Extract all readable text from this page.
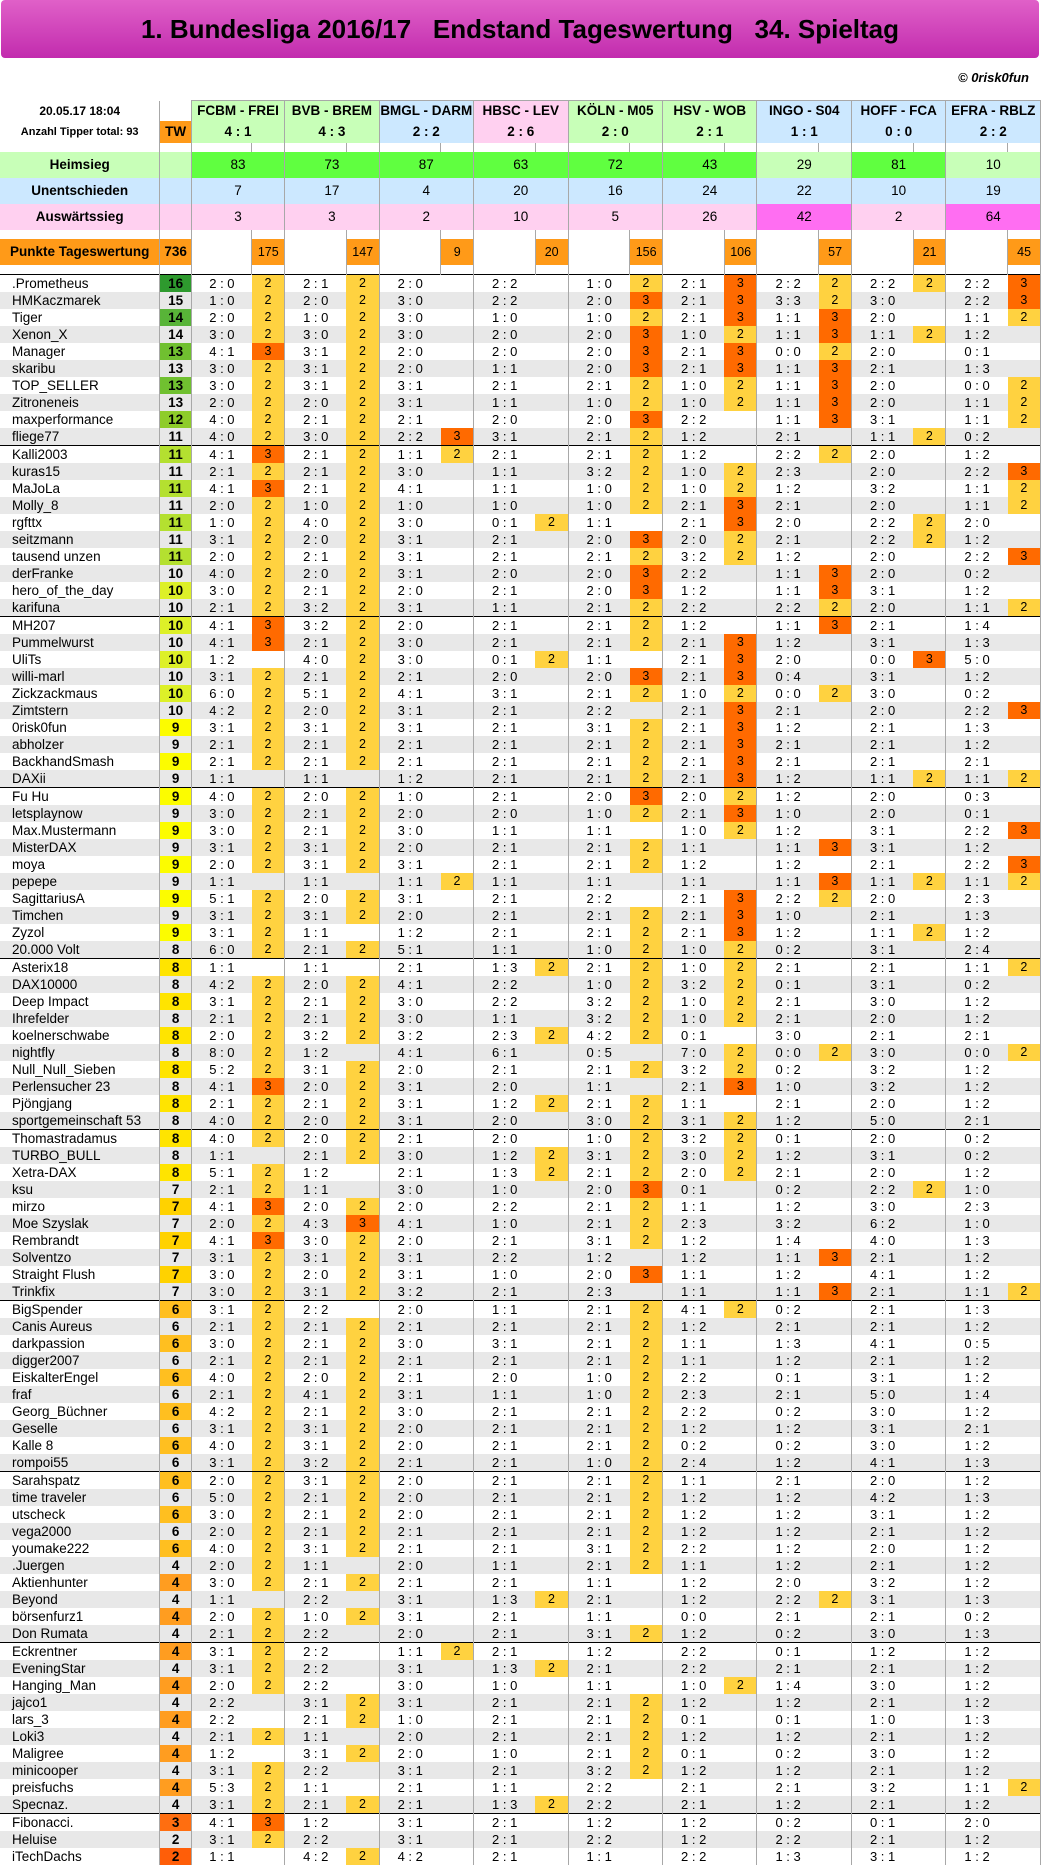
1. Bundesliga 2016/17   Endstand Tageswertung   34. Spieltag
© 0risk0fun
20.05.17 18:04		FCBM - FREI		BVB - BREM		BMGL - DARM		HBSC - LEV		KÖLN - M05		HSV - WOB		INGO - S04		HOFF - FCA		EFRA - RBLZ	
Anzahl Tipper total: 93	TW	4 : 1		4 : 3		2 : 2		2 : 6		2 : 0		2 : 1		1 : 1		0 : 0		2 : 2	

Heimsieg		83		73		87		63		72		43		29		81		10	
Unentschieden		7		17		4		20		16		24		22		10		19	
Auswärtssieg		3		3		2		10		5		26		42		2		64	

Punkte Tageswertung	736		175		147		9		20		156		106		57		21		45

.Prometheus	16	2 : 0	2	2 : 1	2	2 : 0		2 : 2		1 : 0	2	2 : 1	3	2 : 2	2	2 : 2	2	2 : 2	3
HMKaczmarek	15	1 : 0	2	2 : 0	2	3 : 0		2 : 2		2 : 0	3	2 : 1	3	3 : 3	2	3 : 0		2 : 2	3
Tiger	14	2 : 0	2	1 : 0	2	3 : 0		1 : 0		1 : 0	2	2 : 1	3	1 : 1	3	2 : 0		1 : 1	2
Xenon_X	14	3 : 0	2	3 : 0	2	3 : 0		2 : 0		2 : 0	3	1 : 0	2	1 : 1	3	1 : 1	2	1 : 2	
Manager	13	4 : 1	3	3 : 1	2	2 : 0		2 : 0		2 : 0	3	2 : 1	3	0 : 0	2	2 : 0		0 : 1	
skaribu	13	3 : 0	2	3 : 1	2	2 : 0		1 : 1		2 : 0	3	2 : 1	3	1 : 1	3	2 : 1		1 : 3	
TOP_SELLER	13	3 : 0	2	3 : 1	2	3 : 1		2 : 1		2 : 1	2	1 : 0	2	1 : 1	3	2 : 0		0 : 0	2
Zitroneneis	13	2 : 0	2	2 : 0	2	3 : 1		1 : 1		1 : 0	2	1 : 0	2	1 : 1	3	2 : 0		1 : 1	2
maxperformance	12	4 : 0	2	2 : 1	2	2 : 1		2 : 0		2 : 0	3	2 : 2		1 : 1	3	3 : 1		1 : 1	2
fliege77	11	4 : 0	2	3 : 0	2	2 : 2	3	3 : 1		2 : 1	2	1 : 2		2 : 1		1 : 1	2	0 : 2	
Kalli2003	11	4 : 1	3	2 : 1	2	1 : 1	2	2 : 1		2 : 1	2	1 : 2		2 : 2	2	2 : 0		1 : 2	
kuras15	11	2 : 1	2	2 : 1	2	3 : 0		1 : 1		3 : 2	2	1 : 0	2	2 : 3		2 : 0		2 : 2	3
MaJoLa	11	4 : 1	3	2 : 1	2	4 : 1		1 : 1		1 : 0	2	1 : 0	2	1 : 2		3 : 2		1 : 1	2
Molly_8	11	2 : 0	2	1 : 0	2	1 : 0		1 : 0		1 : 0	2	2 : 1	3	2 : 1		2 : 0		1 : 1	2
rgfttx	11	1 : 0	2	4 : 0	2	3 : 0		0 : 1	2	1 : 1		2 : 1	3	2 : 0		2 : 2	2	2 : 0	
seitzmann	11	3 : 1	2	2 : 0	2	3 : 1		2 : 1		2 : 0	3	2 : 0	2	2 : 1		2 : 2	2	1 : 2	
tausend unzen	11	2 : 0	2	2 : 1	2	3 : 1		2 : 1		2 : 1	2	3 : 2	2	1 : 2		2 : 0		2 : 2	3
derFranke	10	4 : 0	2	2 : 0	2	3 : 1		2 : 0		2 : 0	3	2 : 2		1 : 1	3	2 : 0		0 : 2	
hero_of_the_day	10	3 : 0	2	2 : 1	2	2 : 0		2 : 1		2 : 0	3	1 : 2		1 : 1	3	3 : 1		1 : 2	
karifuna	10	2 : 1	2	3 : 2	2	3 : 1		1 : 1		2 : 1	2	2 : 2		2 : 2	2	2 : 0		1 : 1	2
MH207	10	4 : 1	3	3 : 2	2	2 : 0		2 : 1		2 : 1	2	1 : 2		1 : 1	3	2 : 1		1 : 4	
Pummelwurst	10	4 : 1	3	2 : 1	2	3 : 0		2 : 1		2 : 1	2	2 : 1	3	1 : 2		3 : 1		1 : 3	
UliTs	10	1 : 2		4 : 0	2	3 : 0		0 : 1	2	1 : 1		2 : 1	3	2 : 0		0 : 0	3	5 : 0	
willi-marl	10	3 : 1	2	2 : 1	2	2 : 1		2 : 0		2 : 0	3	2 : 1	3	0 : 4		3 : 1		1 : 2	
Zickzackmaus	10	6 : 0	2	5 : 1	2	4 : 1		3 : 1		2 : 1	2	1 : 0	2	0 : 0	2	3 : 0		0 : 2	
Zimtstern	10	4 : 2	2	2 : 0	2	3 : 1		2 : 1		2 : 2		2 : 1	3	2 : 1		2 : 0		2 : 2	3
0risk0fun	9	3 : 1	2	3 : 1	2	3 : 1		2 : 1		3 : 1	2	2 : 1	3	1 : 2		2 : 1		1 : 3	
abholzer	9	2 : 1	2	2 : 1	2	2 : 1		2 : 1		2 : 1	2	2 : 1	3	2 : 1		2 : 1		1 : 2	
BackhandSmash	9	2 : 1	2	2 : 1	2	2 : 1		2 : 1		2 : 1	2	2 : 1	3	2 : 1		2 : 1		2 : 1	
DAXii	9	1 : 1		1 : 1		1 : 2		2 : 1		2 : 1	2	2 : 1	3	1 : 2		1 : 1	2	1 : 1	2
Fu Hu	9	4 : 0	2	2 : 0	2	1 : 0		2 : 1		2 : 0	3	2 : 0	2	1 : 2		2 : 0		0 : 3	
letsplaynow	9	3 : 0	2	2 : 1	2	2 : 0		2 : 0		1 : 0	2	2 : 1	3	1 : 0		2 : 0		0 : 1	
Max.Mustermann	9	3 : 0	2	2 : 1	2	3 : 0		1 : 1		1 : 1		1 : 0	2	1 : 2		3 : 1		2 : 2	3
MisterDAX	9	3 : 1	2	3 : 1	2	2 : 0		2 : 1		2 : 1	2	1 : 1		1 : 1	3	3 : 1		1 : 2	
moya	9	2 : 0	2	3 : 1	2	3 : 1		2 : 1		2 : 1	2	1 : 2		1 : 2		2 : 1		2 : 2	3
pepepe	9	1 : 1		1 : 1		1 : 1	2	1 : 1		1 : 1		1 : 1		1 : 1	3	1 : 1	2	1 : 1	2
SagittariusA	9	5 : 1	2	2 : 0	2	3 : 1		2 : 1		2 : 2		2 : 1	3	2 : 2	2	2 : 0		2 : 3	
Timchen	9	3 : 1	2	3 : 1	2	2 : 0		2 : 1		2 : 1	2	2 : 1	3	1 : 0		2 : 1		1 : 3	
Zyzol	9	3 : 1	2	1 : 1		1 : 2		2 : 1		2 : 1	2	2 : 1	3	1 : 2		1 : 1	2	1 : 2	
20.000 Volt	8	6 : 0	2	2 : 1	2	5 : 1		1 : 1		1 : 0	2	1 : 0	2	0 : 2		3 : 1		2 : 4	
Asterix18	8	1 : 1		1 : 1		2 : 1		1 : 3	2	2 : 1	2	1 : 0	2	2 : 1		2 : 1		1 : 1	2
DAX10000	8	4 : 2	2	2 : 0	2	4 : 1		2 : 2		1 : 0	2	3 : 2	2	0 : 1		3 : 1		0 : 2	
Deep Impact	8	3 : 1	2	2 : 1	2	3 : 0		2 : 2		3 : 2	2	1 : 0	2	2 : 1		3 : 0		1 : 2	
Ihrefelder	8	2 : 1	2	2 : 1	2	3 : 0		1 : 1		3 : 2	2	1 : 0	2	2 : 1		2 : 0		1 : 2	
koelnerschwabe	8	2 : 0	2	3 : 2	2	3 : 2		2 : 3	2	4 : 2	2	0 : 1		3 : 0		2 : 1		2 : 1	
nightfly	8	8 : 0	2	1 : 2		4 : 1		6 : 1		0 : 5		7 : 0	2	0 : 0	2	3 : 0		0 : 0	2
Null_Null_Sieben	8	5 : 2	2	3 : 1	2	2 : 0		2 : 1		2 : 1	2	3 : 2	2	0 : 2		3 : 2		1 : 2	
Perlensucher 23	8	4 : 1	3	2 : 0	2	3 : 1		2 : 0		1 : 1		2 : 1	3	1 : 0		3 : 2		1 : 2	
Pjöngjang	8	2 : 1	2	2 : 1	2	3 : 1		1 : 2	2	2 : 1	2	1 : 1		2 : 1		2 : 0		1 : 2	
sportgemeinschaft 53	8	4 : 0	2	2 : 0	2	3 : 1		2 : 0		3 : 0	2	3 : 1	2	1 : 2		5 : 0		2 : 1	
Thomastradamus	8	4 : 0	2	2 : 0	2	2 : 1		2 : 0		1 : 0	2	3 : 2	2	0 : 1		2 : 0		0 : 2	
TURBO_BULL	8	1 : 1		2 : 1	2	3 : 0		1 : 2	2	3 : 1	2	3 : 0	2	1 : 2		3 : 1		0 : 2	
Xetra-DAX	8	5 : 1	2	1 : 2		2 : 1		1 : 3	2	2 : 1	2	2 : 0	2	2 : 1		2 : 0		1 : 2	
ksu	7	2 : 1	2	1 : 1		3 : 0		1 : 0		2 : 0	3	0 : 1		0 : 2		2 : 2	2	1 : 0	
mirzo	7	4 : 1	3	2 : 0	2	2 : 0		2 : 2		2 : 1	2	1 : 1		1 : 2		3 : 0		2 : 3	
Moe Szyslak	7	2 : 0	2	4 : 3	3	4 : 1		1 : 0		2 : 1	2	2 : 3		3 : 2		6 : 2		1 : 0	
Rembrandt	7	4 : 1	3	3 : 0	2	2 : 0		2 : 1		3 : 1	2	1 : 2		1 : 4		4 : 0		1 : 3	
Solventzo	7	3 : 1	2	3 : 1	2	3 : 1		2 : 2		1 : 2		1 : 2		1 : 1	3	2 : 1		1 : 2	
Straight Flush	7	3 : 0	2	2 : 0	2	3 : 1		1 : 0		2 : 0	3	1 : 1		1 : 2		4 : 1		1 : 2	
Trinkfix	7	3 : 0	2	3 : 1	2	3 : 2		2 : 1		2 : 3		1 : 1		1 : 1	3	2 : 1		1 : 1	2
BigSpender	6	3 : 1	2	2 : 2		2 : 0		1 : 1		2 : 1	2	4 : 1	2	0 : 2		2 : 1		1 : 3	
Canis Aureus	6	2 : 1	2	2 : 1	2	2 : 1		2 : 1		2 : 1	2	1 : 2		2 : 1		2 : 1		1 : 2	
darkpassion	6	3 : 0	2	2 : 1	2	3 : 0		3 : 1		2 : 1	2	1 : 1		1 : 3		4 : 1		0 : 5	
digger2007	6	2 : 1	2	2 : 1	2	2 : 1		2 : 1		2 : 1	2	1 : 1		1 : 2		2 : 1		1 : 2	
EiskalterEngel	6	4 : 0	2	2 : 0	2	2 : 1		2 : 0		1 : 0	2	2 : 2		0 : 1		3 : 1		1 : 2	
fraf	6	2 : 1	2	4 : 1	2	3 : 1		1 : 1		1 : 0	2	2 : 3		2 : 1		5 : 0		1 : 4	
Georg_Büchner	6	4 : 2	2	2 : 1	2	3 : 0		2 : 1		2 : 1	2	2 : 2		0 : 2		3 : 0		1 : 2	
Geselle	6	3 : 1	2	3 : 1	2	2 : 0		2 : 1		2 : 1	2	1 : 2		1 : 2		3 : 1		2 : 1	
Kalle 8	6	4 : 0	2	3 : 1	2	2 : 0		2 : 1		2 : 1	2	0 : 2		0 : 2		3 : 0		1 : 2	
rompoi55	6	3 : 1	2	3 : 2	2	2 : 1		2 : 1		1 : 0	2	2 : 4		1 : 2		4 : 1		1 : 3	
Sarahspatz	6	2 : 0	2	3 : 1	2	2 : 0		2 : 1		2 : 1	2	1 : 1		2 : 1		2 : 0		1 : 2	
time traveler	6	5 : 0	2	2 : 1	2	2 : 0		2 : 1		2 : 1	2	1 : 2		1 : 2		4 : 2		1 : 3	
utscheck	6	3 : 0	2	2 : 1	2	2 : 0		2 : 1		2 : 1	2	1 : 2		1 : 2		3 : 1		1 : 2	
vega2000	6	2 : 0	2	2 : 1	2	2 : 1		2 : 1		2 : 1	2	1 : 2		1 : 2		2 : 1		1 : 2	
youmake222	6	4 : 0	2	3 : 1	2	2 : 1		2 : 1		3 : 1	2	2 : 2		1 : 2		2 : 0		1 : 2	
.Juergen	4	2 : 0	2	1 : 1		2 : 0		1 : 1		2 : 1	2	1 : 1		1 : 2		2 : 1		1 : 2	
Aktienhunter	4	3 : 0	2	2 : 1	2	2 : 1		2 : 1		1 : 1		1 : 2		2 : 0		3 : 2		1 : 2	
Beyond	4	1 : 1		2 : 2		3 : 1		1 : 3	2	2 : 1		1 : 2		2 : 2	2	3 : 1		1 : 3	
börsenfurz1	4	2 : 0	2	1 : 0	2	3 : 1		2 : 1		1 : 1		0 : 0		2 : 1		2 : 1		0 : 2	
Don Rumata	4	2 : 1	2	2 : 2		2 : 0		2 : 1		3 : 1	2	1 : 2		0 : 2		3 : 0		1 : 3	
Eckrentner	4	3 : 1	2	2 : 2		1 : 1	2	2 : 1		1 : 2		2 : 2		0 : 1		1 : 2		1 : 2	
EveningStar	4	3 : 1	2	2 : 2		3 : 1		1 : 3	2	2 : 1		2 : 2		2 : 1		2 : 1		1 : 2	
Hanging_Man	4	2 : 0	2	2 : 2		3 : 0		1 : 0		1 : 1		1 : 0	2	1 : 4		3 : 0		1 : 2	
jajco1	4	2 : 2		3 : 1	2	3 : 1		2 : 1		2 : 1	2	1 : 2		1 : 2		2 : 1		1 : 2	
lars_3	4	2 : 2		2 : 1	2	1 : 0		2 : 1		2 : 1	2	0 : 1		0 : 1		1 : 0		1 : 3	
Loki3	4	2 : 1	2	1 : 1		2 : 0		2 : 1		2 : 1	2	1 : 2		1 : 2		2 : 1		1 : 2	
Maligree	4	1 : 2		3 : 1	2	2 : 0		1 : 0		2 : 1	2	0 : 1		0 : 2		3 : 0		1 : 2	
minicooper	4	3 : 1	2	2 : 2		3 : 1		2 : 1		3 : 2	2	1 : 2		1 : 2		2 : 1		1 : 2	
preisfuchs	4	5 : 3	2	1 : 1		2 : 1		1 : 1		2 : 2		2 : 1		2 : 1		3 : 2		1 : 1	2
Specnaz.	4	3 : 1	2	2 : 1	2	2 : 1		1 : 3	2	2 : 2		2 : 1		1 : 2		2 : 1		1 : 2	
Fibonacci.	3	4 : 1	3	1 : 2		3 : 1		2 : 1		1 : 2		1 : 2		0 : 2		0 : 1		2 : 0	
Heluise	2	3 : 1	2	2 : 2		3 : 1		2 : 1		2 : 2		1 : 2		2 : 2		2 : 1		1 : 2	
iTechDachs	2	1 : 1		4 : 2	2	4 : 2		2 : 1		1 : 1		2 : 2		1 : 3		3 : 1		1 : 2	
